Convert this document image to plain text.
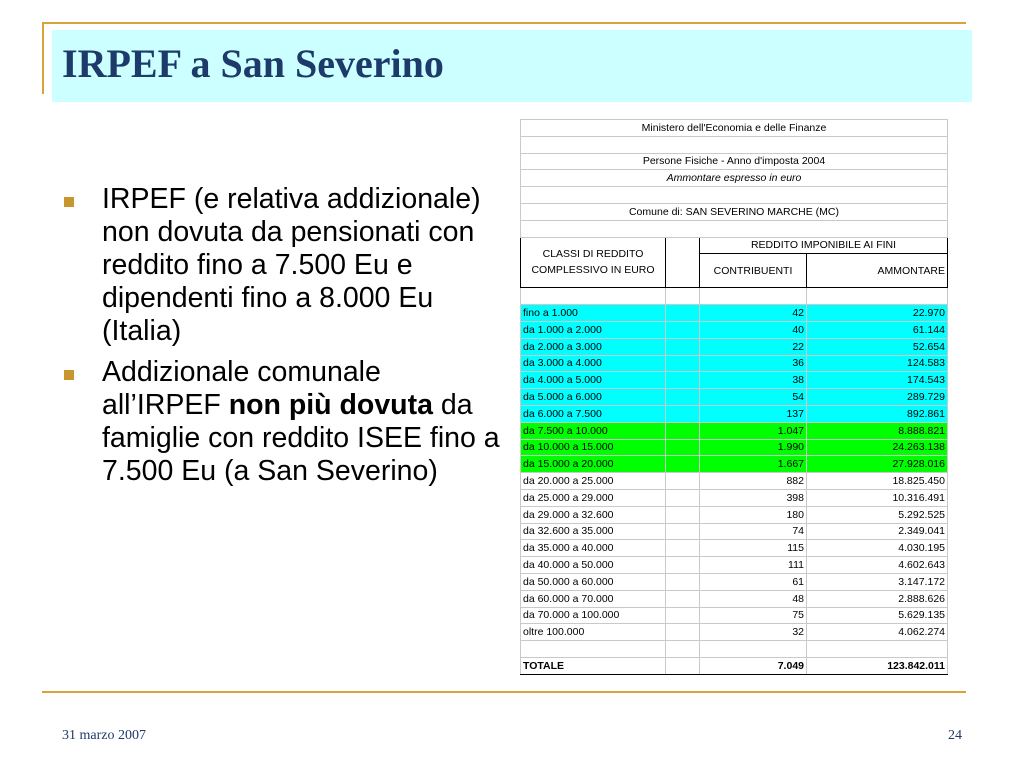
IRPEF a San Severino
IRPEF (e relativa addizionale) non dovuta da pensionati con reddito fino a 7.500 Eu e dipendenti fino a 8.000 Eu (Italia)
Addizionale comunale all’IRPEF non più dovuta da famiglie con reddito ISEE fino a 7.500 Eu (a San Severino)
Ministero dell'Economia e delle Finanze			

Persone Fisiche - Anno d'imposta 2004			
Ammontare espresso in euro			

Comune di: SAN SEVERINO MARCHE (MC)			

CLASSI DI REDDITO COMPLESSIVO IN EURO		REDDITO IMPONIBILE AI FINI	
		CONTRIBUENTI	AMMONTARE

fino a 1.000		42	22.970
da 1.000 a 2.000		40	61.144
da 2.000 a 3.000		22	52.654
da 3.000 a 4.000		36	124.583
da 4.000 a 5.000		38	174.543
da 5.000 a 6.000		54	289.729
da 6.000 a 7.500		137	892.861
da 7.500 a 10.000		1.047	8.888.821
da 10.000 a 15.000		1.990	24.263.138
da 15.000 a 20.000		1.667	27.928.016
da 20.000 a 25.000		882	18.825.450
da 25.000 a 29.000		398	10.316.491
da 29.000 a 32.600		180	5.292.525
da 32.600 a 35.000		74	2.349.041
da 35.000 a 40.000		115	4.030.195
da 40.000 a 50.000		111	4.602.643
da 50.000 a 60.000		61	3.147.172
da 60.000 a 70.000		48	2.888.626
da 70.000 a 100.000		75	5.629.135
oltre 100.000		32	4.062.274

TOTALE		7.049	123.842.011
31 marzo 2007	24
